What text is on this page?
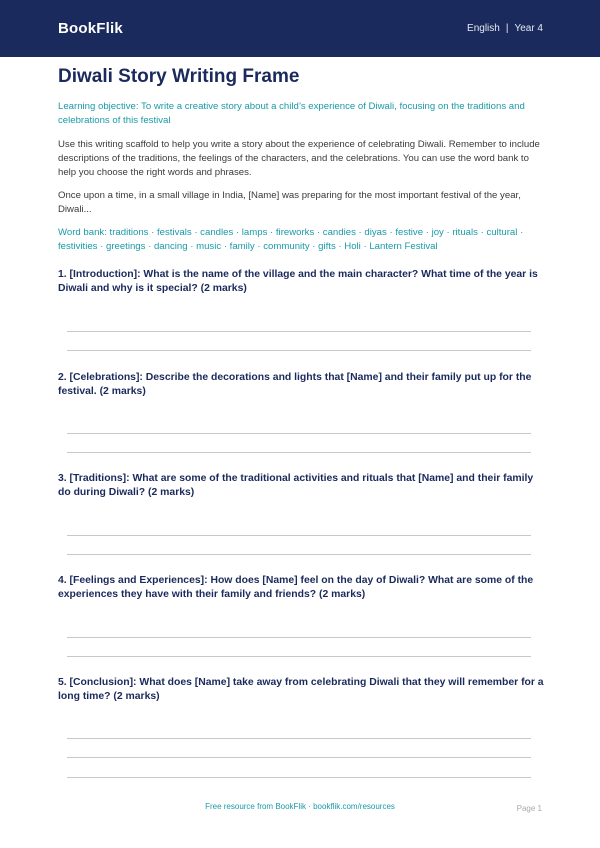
BookFlik	English | Year 4
Diwali Story Writing Frame
Learning objective: To write a creative story about a child’s experience of Diwali, focusing on the traditions and celebrations of this festival
Use this writing scaffold to help you write a story about the experience of celebrating Diwali. Remember to include descriptions of the traditions, the feelings of the characters, and the celebrations. You can use the word bank to help you choose the right words and phrases.
Once upon a time, in a small village in India, [Name] was preparing for the most important festival of the year, Diwali...
Word bank: traditions · festivals · candles · lamps · fireworks · candies · diyas · festive · joy · rituals · cultural · festivities · greetings · dancing · music · family · community · gifts · Holi · Lantern Festival
1. [Introduction]: What is the name of the village and the main character? What time of the year is Diwali and why is it special? (2 marks)
2. [Celebrations]: Describe the decorations and lights that [Name] and their family put up for the festival. (2 marks)
3. [Traditions]: What are some of the traditional activities and rituals that [Name] and their family do during Diwali? (2 marks)
4. [Feelings and Experiences]: How does [Name] feel on the day of Diwali? What are some of the experiences they have with their family and friends? (2 marks)
5. [Conclusion]: What does [Name] take away from celebrating Diwali that they will remember for a long time? (2 marks)
Free resource from BookFlik · bookflik.com/resources	Page 1
